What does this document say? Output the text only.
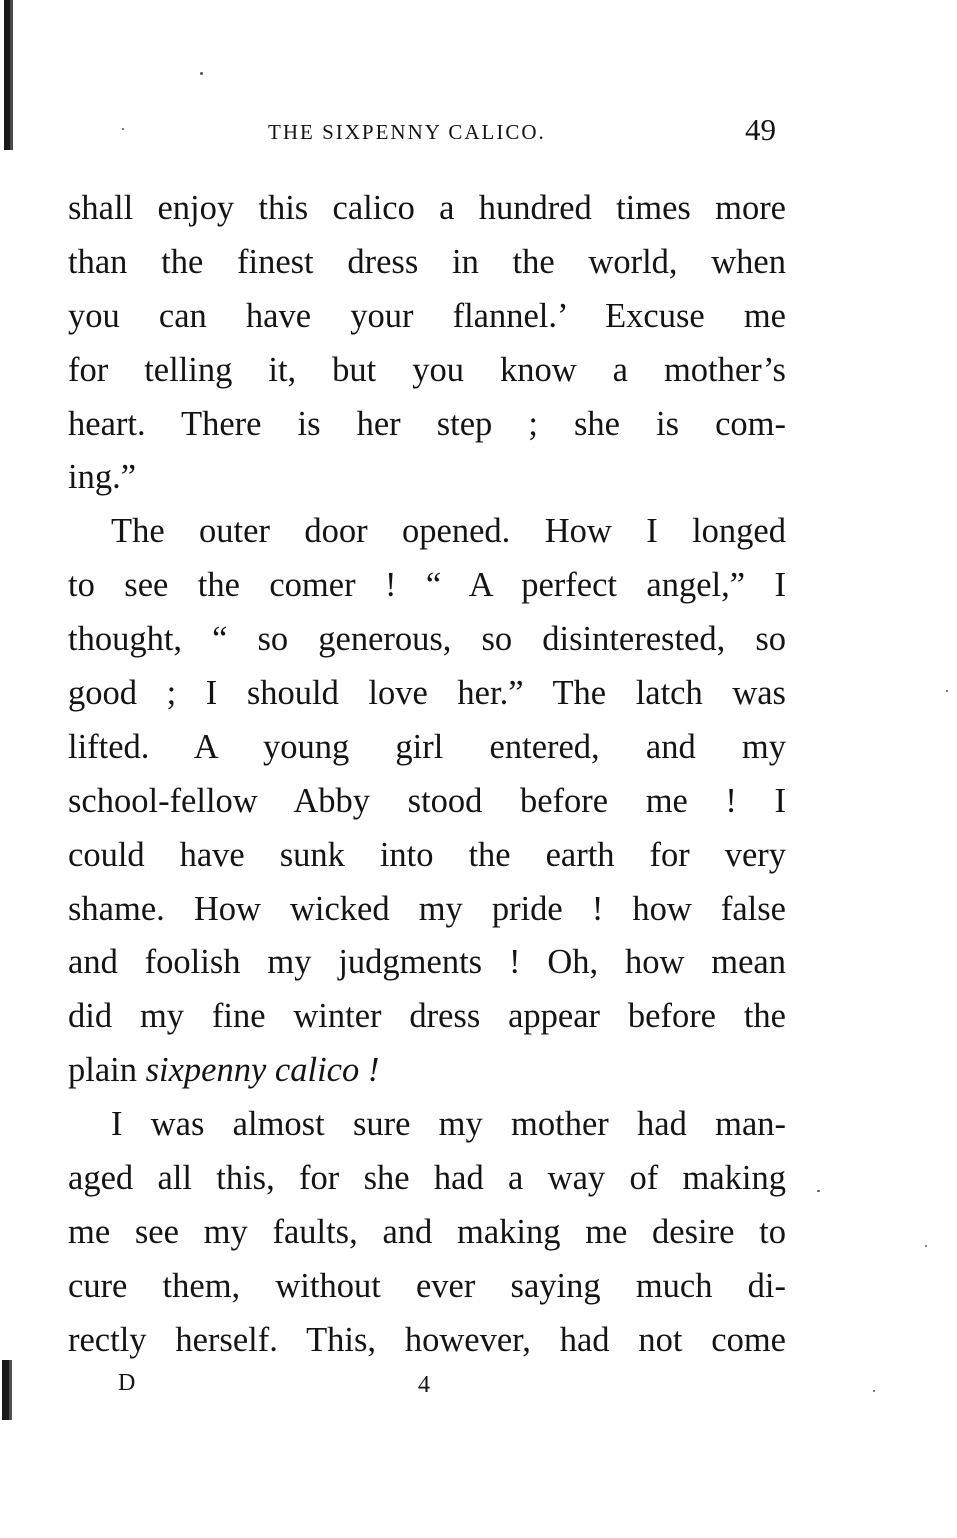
THE SIXPENNY CALICO.	49
shall enjoy this calico a hundred times more
than the finest dress in the world, when
you can have your flannel.’ Excuse me
for telling it, but you know a mother’s
heart. There is her step ; she is com-
ing.”
The outer door opened. How I longed
to see the comer ! “ A perfect angel,” I
thought, “ so generous, so disinterested, so
good ; I should love her.” The latch was
lifted. A young girl entered, and my
school-fellow Abby stood before me ! I
could have sunk into the earth for very
shame. How wicked my pride ! how false
and foolish my judgments ! Oh, how mean
did my fine winter dress appear before the
plain sixpenny calico !
I was almost sure my mother had man-
aged all this, for she had a way of making
me see my faults, and making me desire to
cure them, without ever saying much di-
rectly herself. This, however, had not come
D	4
